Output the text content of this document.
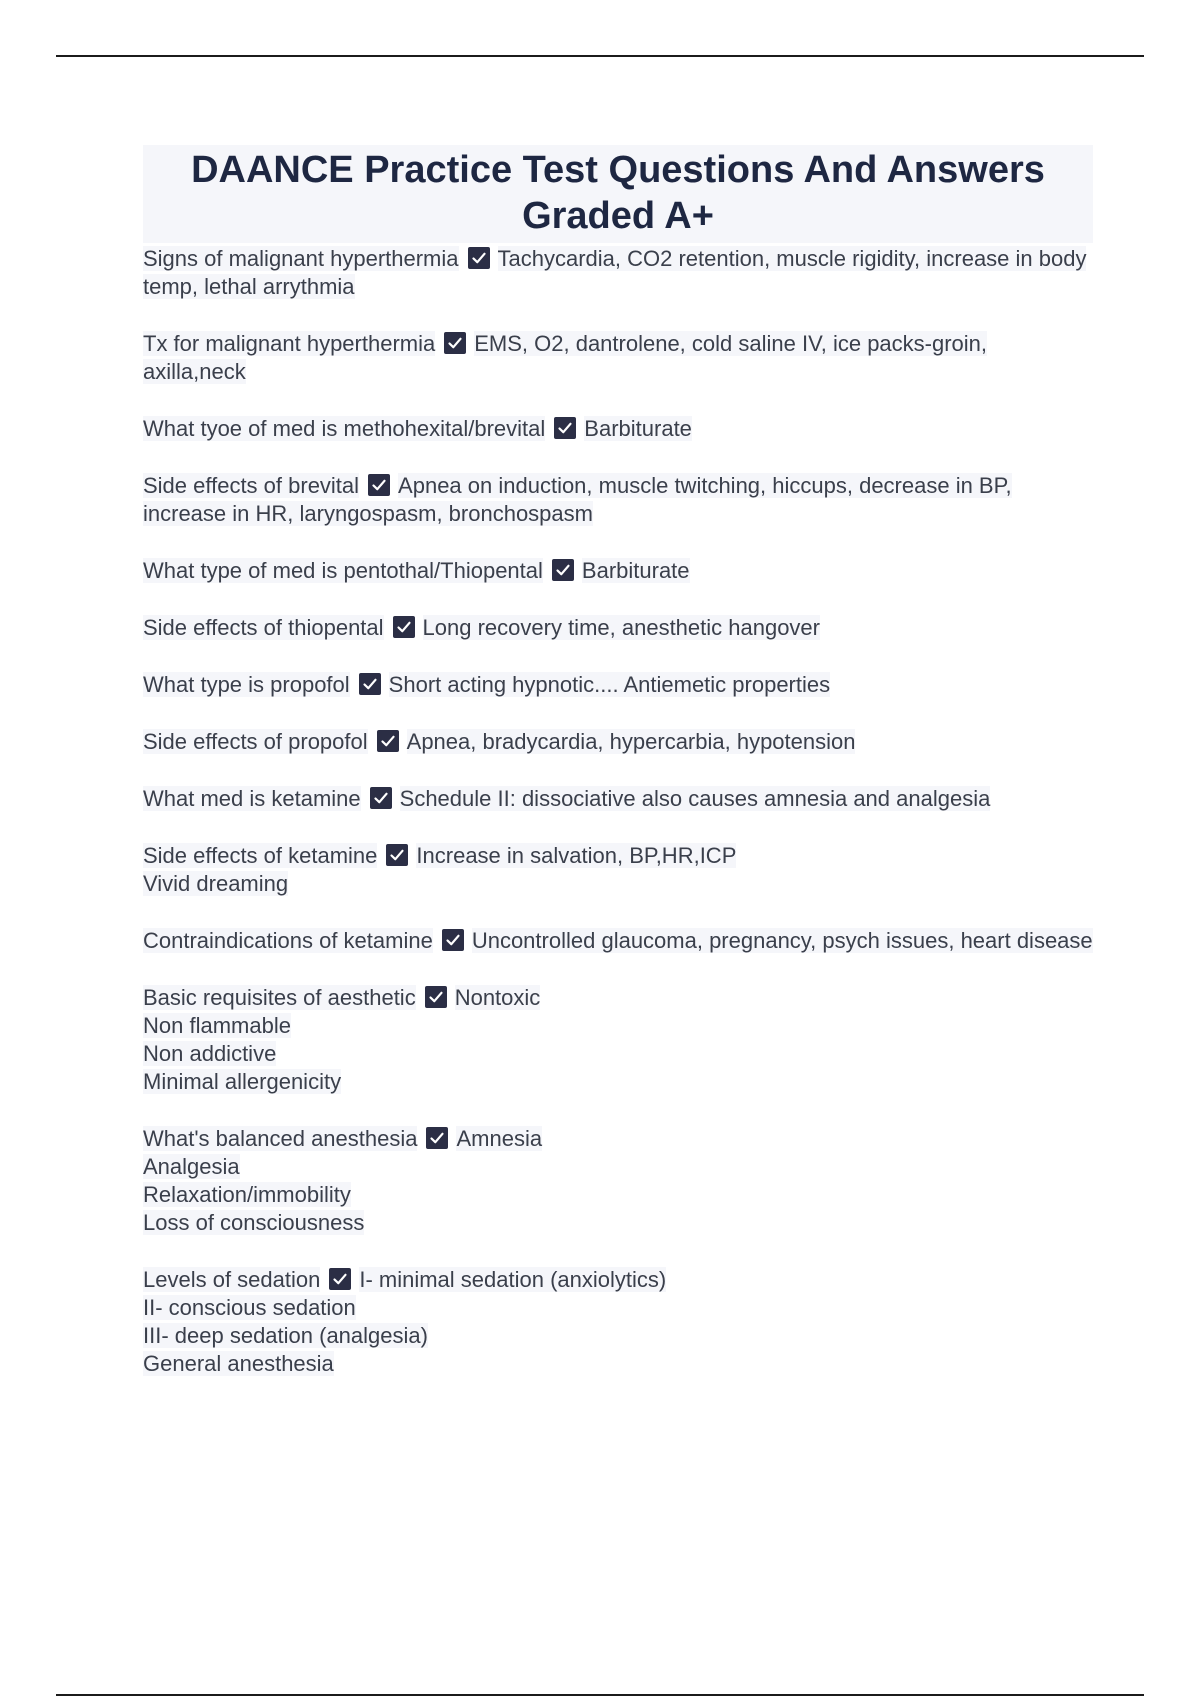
DAANCE Practice Test Questions And Answers Graded A+

Signs of malignant hyperthermia Tachycardia, CO2 retention, muscle rigidity, increase in body temp, lethal arrythmia

Tx for malignant hyperthermia EMS, O2, dantrolene, cold saline IV, ice packs-groin, axilla,neck

What tyoe of med is methohexital/brevital Barbiturate

Side effects of brevital Apnea on induction, muscle twitching, hiccups, decrease in BP, increase in HR, laryngospasm, bronchospasm

What type of med is pentothal/Thiopental Barbiturate

Side effects of thiopental Long recovery time, anesthetic hangover

What type is propofol Short acting hypnotic.... Antiemetic properties

Side effects of propofol Apnea, bradycardia, hypercarbia, hypotension

What med is ketamine Schedule II: dissociative also causes amnesia and analgesia

Side effects of ketamine Increase in salvation, BP,HR,ICP
Vivid dreaming

Contraindications of ketamine Uncontrolled glaucoma, pregnancy, psych issues, heart disease

Basic requisites of aesthetic Nontoxic
Non flammable
Non addictive
Minimal allergenicity

What's balanced anesthesia Amnesia
Analgesia
Relaxation/immobility
Loss of consciousness

Levels of sedation I- minimal sedation (anxiolytics)
II- conscious sedation
III- deep sedation (analgesia)
General anesthesia
